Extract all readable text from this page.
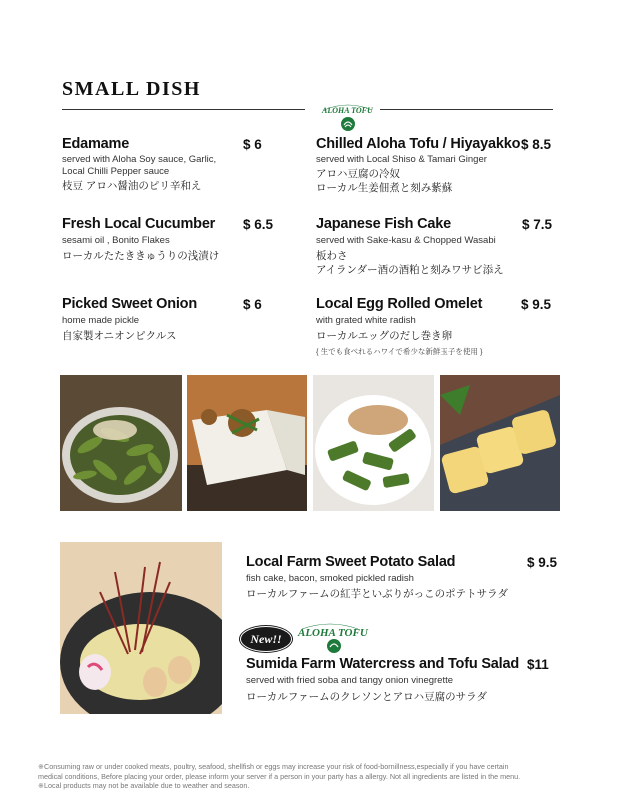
SMALL DISH
ALOHA TOFU
Edamame	$ 6
served with Aloha Soy sauce, Garlic,
Local Chilli Pepper sauce
枝豆 アロハ醤油のピリ辛和え
Chilled Aloha Tofu / Hiyayakko $ 8.5
served with Local Shiso & Tamari Ginger
アロハ豆腐の冷奴
ローカル生姜佃煮と刻み紫蘇
Fresh Local Cucumber $ 6.5
sesami oil , Bonito Flakes
ローカルたたききゅうりの浅漬け
Japanese Fish Cake	$ 7.5
served with Sake-kasu & Chopped Wasabi
板わさ
アイランダー酒の酒粕と刻みワサビ添え
Picked Sweet Onion	$ 6
home made pickle
自家製オニオンピクルス
Local Egg Rolled Omelet	$ 9.5
with grated white radish
ローカルエッグのだし巻き卵
{ 生でも食べれるハワイで希少な新鮮玉子を使用 }
Local Farm Sweet Potato Salad	$ 9.5
fish cake, bacon, smoked pickled radish
ローカルファームの紅芋といぶりがっこのポテトサラダ
New!!	ALOHA TOFU
Sumida Farm Watercress and Tofu Salad $11
served with fried soba and tangy onion vinegrette
ローカルファームのクレソンとアロハ豆腐のサラダ
※Consuming raw or under cooked meats, poultry, seafood, shellfish or eggs may increase your risk of food-bornillness,especially if you have certain
medical conditions, Before placing your order, please inform your server if a person in your party has a allergy. Not all ingredients are listed in the menu.
※Local products may not be available due to weather and season.
